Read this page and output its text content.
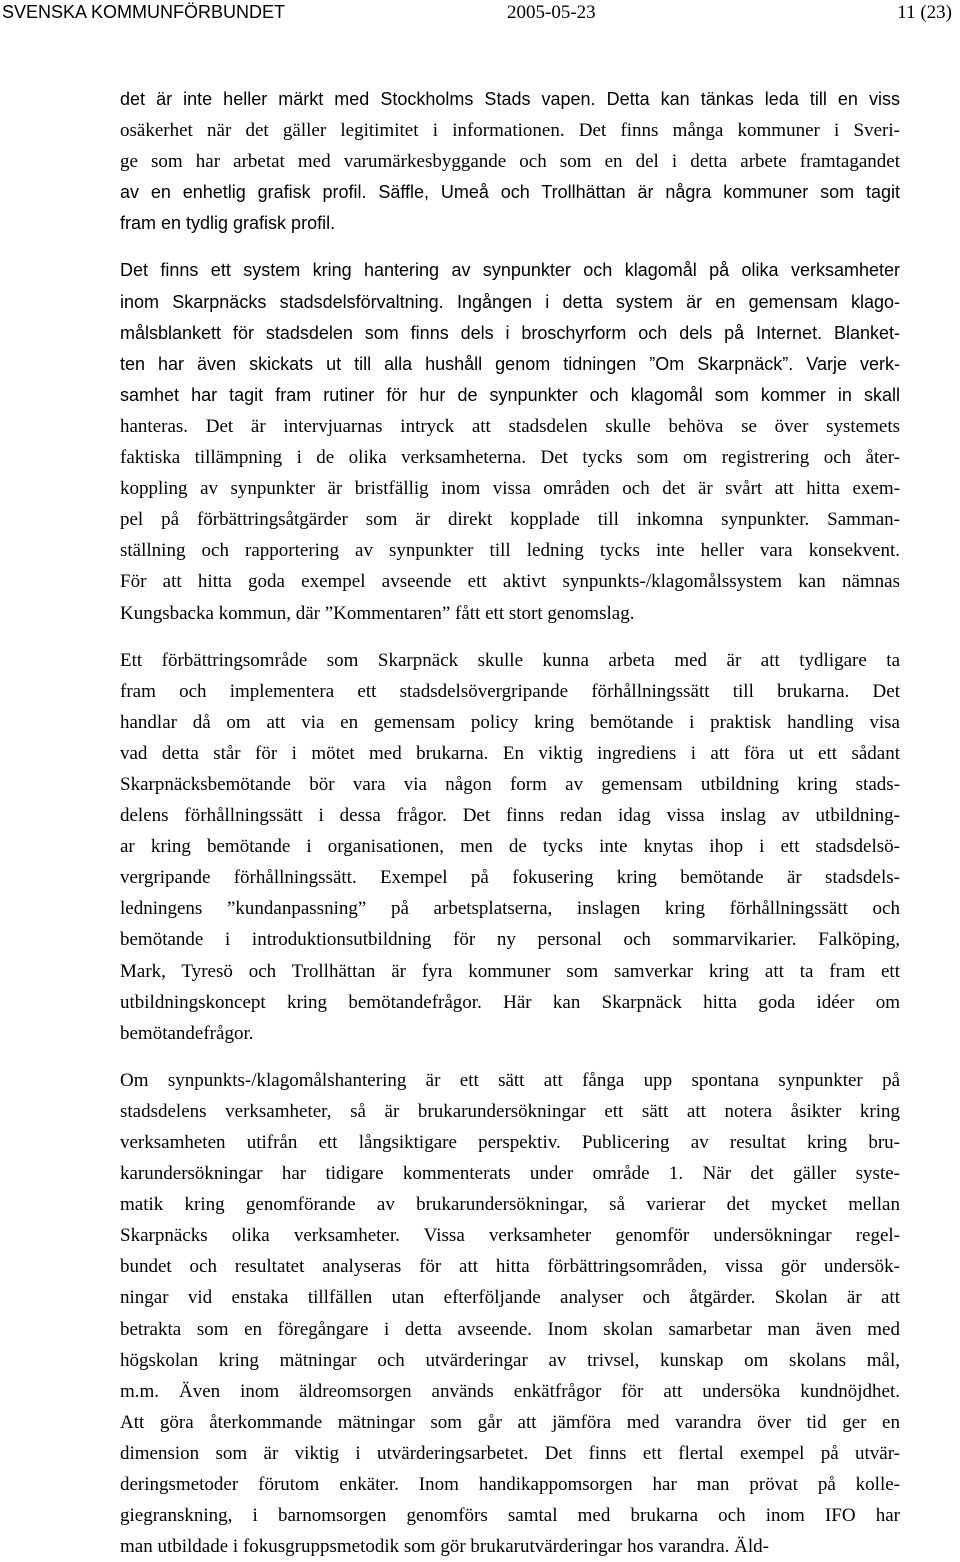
SVENSKA KOMMUNFÖRBUNDET	2005-05-23	11 (23)
det är inte heller märkt med Stockholms Stads vapen. Detta kan tänkas leda till en viss
osäkerhet när det gäller legitimitet i informationen. Det finns många kommuner i Sveri-
ge som har arbetat med varumärkesbyggande och som en del i detta arbete framtagandet
av en enhetlig grafisk profil. Säffle, Umeå och Trollhättan är några kommuner som tagit
fram en tydlig grafisk profil.
Det finns ett system kring hantering av synpunkter och klagomål på olika verksamheter
inom Skarpnäcks stadsdelsförvaltning. Ingången i detta system är en gemensam klago-
målsblankett för stadsdelen som finns dels i broschyrform och dels på Internet. Blanket-
ten har även skickats ut till alla hushåll genom tidningen ”Om Skarpnäck”. Varje verk-
samhet har tagit fram rutiner för hur de synpunkter och klagomål som kommer in skall
hanteras. Det är intervjuarnas intryck att stadsdelen skulle behöva se över systemets
faktiska tillämpning i de olika verksamheterna. Det tycks som om registrering och åter-
koppling av synpunkter är bristfällig inom vissa områden och det är svårt att hitta exem-
pel på förbättringsåtgärder som är direkt kopplade till inkomna synpunkter. Samman-
ställning och rapportering av synpunkter till ledning tycks inte heller vara konsekvent.
För att hitta goda exempel avseende ett aktivt synpunkts-/klagomålssystem kan nämnas
Kungsbacka kommun, där ”Kommentaren” fått ett stort genomslag.
Ett förbättringsområde som Skarpnäck skulle kunna arbeta med är att tydligare ta
fram och implementera ett stadsdelsövergripande förhållningssätt till brukarna. Det
handlar då om att via en gemensam policy kring bemötande i praktisk handling visa
vad detta står för i mötet med brukarna. En viktig ingrediens i att föra ut ett sådant
Skarpnäcksbemötande bör vara via någon form av gemensam utbildning kring stads-
delens förhållningssätt i dessa frågor. Det finns redan idag vissa inslag av utbildning-
ar kring bemötande i organisationen, men de tycks inte knytas ihop i ett stadsdelsö-
vergripande förhållningssätt. Exempel på fokusering kring bemötande är stadsdels-
ledningens ”kundanpassning” på arbetsplatserna, inslagen kring förhållningssätt och
bemötande i introduktionsutbildning för ny personal och sommarvikarier. Falköping,
Mark, Tyresö och Trollhättan är fyra kommuner som samverkar kring att ta fram ett
utbildningskoncept kring bemötandefrågor. Här kan Skarpnäck hitta goda idéer om
bemötandefrågor.
Om synpunkts-/klagomålshantering är ett sätt att fånga upp spontana synpunkter på
stadsdelens verksamheter, så är brukarundersökningar ett sätt att notera åsikter kring
verksamheten utifrån ett långsiktigare perspektiv. Publicering av resultat kring bru-
karundersökningar har tidigare kommenterats under område 1. När det gäller syste-
matik kring genomförande av brukarundersökningar, så varierar det mycket mellan
Skarpnäcks olika verksamheter. Vissa verksamheter genomför undersökningar regel-
bundet och resultatet analyseras för att hitta förbättringsområden, vissa gör undersök-
ningar vid enstaka tillfällen utan efterföljande analyser och åtgärder. Skolan är att
betrakta som en föregångare i detta avseende. Inom skolan samarbetar man även med
högskolan kring mätningar och utvärderingar av trivsel, kunskap om skolans mål,
m.m. Även inom äldreomsorgen används enkätfrågor för att undersöka kundnöjdhet.
Att göra återkommande mätningar som går att jämföra med varandra över tid ger en
dimension som är viktig i utvärderingsarbetet. Det finns ett flertal exempel på utvär-
deringsmetoder förutom enkäter. Inom handikappomsorgen har man prövat på kolle-
giegranskning, i barnomsorgen genomförs samtal med brukarna och inom IFO har
man utbildade i fokusgruppsmetodik som gör brukarutvärderingar hos varandra. Äld-
